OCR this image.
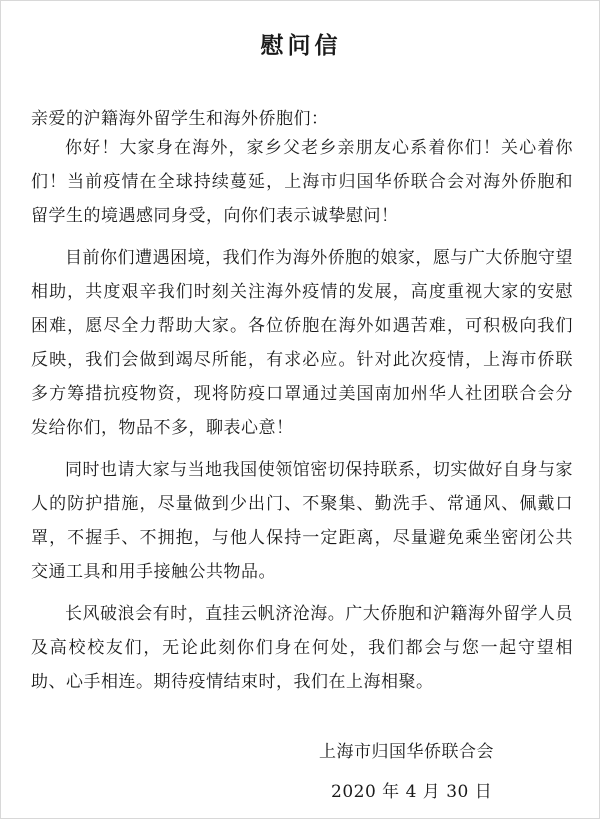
慰问信

亲爱的沪籍海外留学生和海外侨胞们：

你好！大家身在海外，家乡父老乡亲朋友心系着你们！关心着你们！当前疫情在全球持续蔓延，上海市归国华侨联合会对海外侨胞和留学生的境遇感同身受，向你们表示诚挚慰问！

目前你们遭遇困境，我们作为海外侨胞的娘家，愿与广大侨胞守望相助，共度艰辛我们时刻关注海外疫情的发展，高度重视大家的安慰困难，愿尽全力帮助大家。各位侨胞在海外如遇苦难，可积极向我们反映，我们会做到竭尽所能，有求必应。针对此次疫情，上海市侨联多方筹措抗疫物资，现将防疫口罩通过美国南加州华人社团联合会分发给你们，物品不多，聊表心意！

同时也请大家与当地我国使领馆密切保持联系，切实做好自身与家人的防护措施，尽量做到少出门、不聚集、勤洗手、常通风、佩戴口罩，不握手、不拥抱，与他人保持一定距离，尽量避免乘坐密闭公共交通工具和用手接触公共物品。

长风破浪会有时，直挂云帆济沧海。广大侨胞和沪籍海外留学人员及高校校友们，无论此刻你们身在何处，我们都会与您一起守望相助、心手相连。期待疫情结束时，我们在上海相聚。

上海市归国华侨联合会

2020 年 4 月 30 日
